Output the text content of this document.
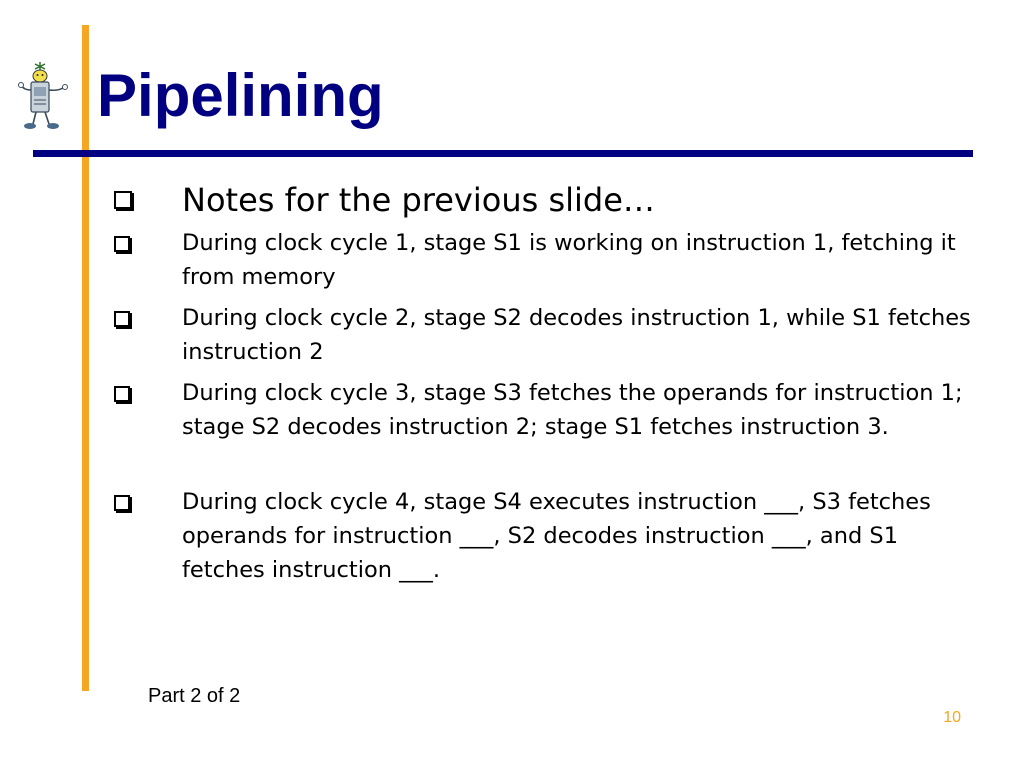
Pipelining
Notes for the previous slide…
During clock cycle 1, stage S1 is working on instruction 1, fetching it from memory
During clock cycle 2, stage S2 decodes instruction 1, while S1 fetches instruction 2
During clock cycle 3, stage S3 fetches the operands for instruction 1; stage S2 decodes instruction 2; stage S1 fetches instruction 3.
During clock cycle 4, stage S4 executes instruction ___, S3 fetches operands for instruction ___, S2 decodes instruction ___, and S1 fetches instruction ___.
Part 2 of 2
10
